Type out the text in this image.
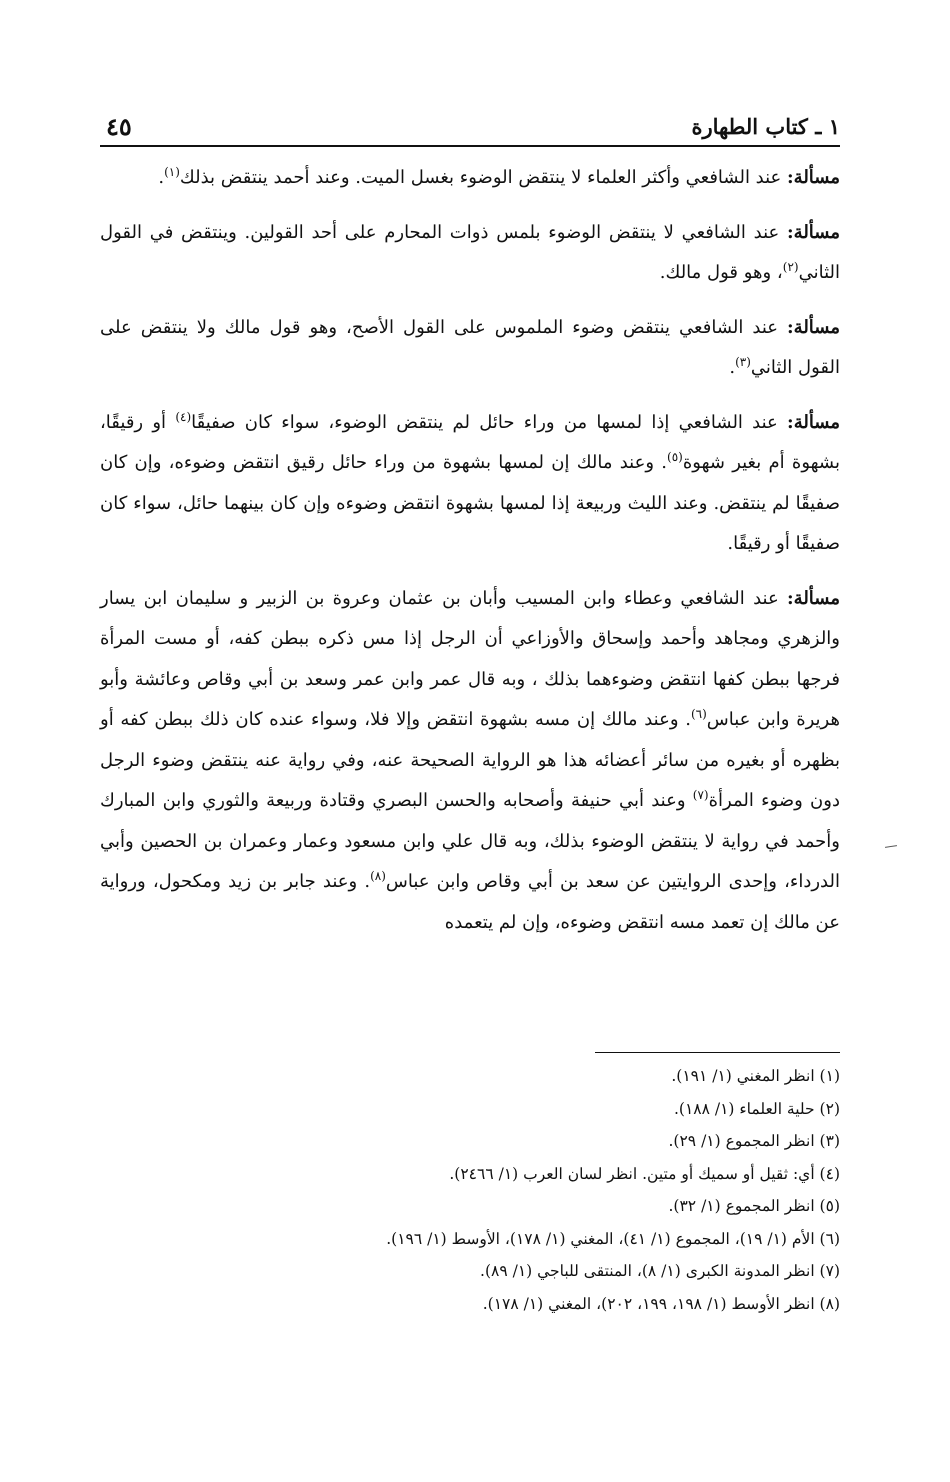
١ ـ كتاب الطهارة
٤٥

مسألة: عند الشافعي وأكثر العلماء لا ينتقض الوضوء بغسل الميت. وعند أحمد ينتقض بذلك$^{(١)}$.

مسألة: عند الشافعي لا ينتقض الوضوء بلمس ذوات المحارم على أحد القولين. وينتقض في القول الثاني$^{(٢)}$، وهو قول مالك.

مسألة: عند الشافعي ينتقض وضوء الملموس على القول الأصح، وهو قول مالك ولا ينتقض على القول الثاني$^{(٣)}$.

مسألة: عند الشافعي إذا لمسها من وراء حائل لم ينتقض الوضوء، سواء كان صفيقًا$^{(٤)}$ أو رقيقًا، بشهوة أم بغير شهوة$^{(٥)}$. وعند مالك إن لمسها بشهوة من وراء حائل رقيق انتقض وضوءه، وإن كان صفيقًا لم ينتقض. وعند الليث وربيعة إذا لمسها بشهوة انتقض وضوءه وإن كان بينهما حائل، سواء كان صفيقًا أو رقيقًا.

مسألة: عند الشافعي وعطاء وابن المسيب وأبان بن عثمان وعروة بن الزبير و سليمان ابن يسار والزهري ومجاهد وأحمد وإسحاق والأوزاعي أن الرجل إذا مس ذكره ببطن كفه، أو مست المرأة فرجها ببطن كفها انتقض وضوءهما بذلك ، وبه قال عمر وابن عمر وسعد بن أبي وقاص وعائشة وأبو هريرة وابن عباس$^{(٦)}$. وعند مالك إن مسه بشهوة انتقض وإلا فلا، وسواء عنده كان ذلك ببطن كفه أو بظهره أو بغيره من سائر أعضائه هذا هو الرواية الصحيحة عنه، وفي رواية عنه ينتقض وضوء الرجل دون وضوء المرأة$^{(٧)}$ وعند أبي حنيفة وأصحابه والحسن البصري وقتادة وربيعة والثوري وابن المبارك وأحمد في رواية لا ينتقض الوضوء بذلك، وبه قال علي وابن مسعود وعمار وعمران بن الحصين وأبي الدرداء، وإحدى الروايتين عن سعد بن أبي وقاص وابن عباس$^{(٨)}$. وعند جابر بن زيد ومكحول، ورواية عن مالك إن تعمد مسه انتقض وضوءه، وإن لم يتعمده

(١) انظر المغني (١/ ١٩١).
(٢) حلية العلماء (١/ ١٨٨).
(٣) انظر المجموع (١/ ٢٩).
(٤) أي: ثقيل أو سميك أو متين. انظر لسان العرب (١/ ٢٤٦٦).
(٥) انظر المجموع (١/ ٣٢).
(٦) الأم (١/ ١٩)، المجموع (١/ ٤١)، المغني (١/ ١٧٨)، الأوسط (١/ ١٩٦).
(٧) انظر المدونة الكبرى (١/ ٨)، المنتقى للباجي (١/ ٨٩).
(٨) انظر الأوسط (١/ ١٩٨، ١٩٩، ٢٠٢)، المغني (١/ ١٧٨).
